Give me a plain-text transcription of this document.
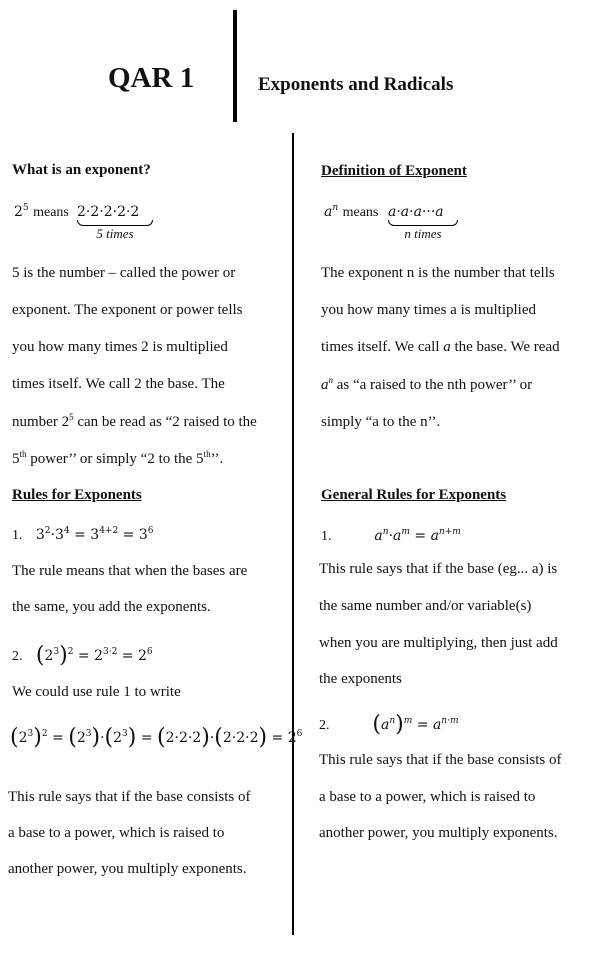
QAR 1	Exponents and Radicals
What is an exponent?
$2^5$ means 2·2·2·2·2
5 times
5 is the number – called the power or
exponent. The exponent or power tells
you how many times 2 is multiplied
times itself. We call 2 the base. The
number $2^5$ can be read as “2 raised to the
5th power’’ or simply “2 to the 5th’’.
Rules for Exponents
1. $3^2\cdot 3^4 = 3^{4+2} = 3^6$
The rule means that when the bases are
the same, you add the exponents.
2. $(2^3)^2 = 2^{3\cdot 2} = 2^6$
We could use rule 1 to write
$(2^3)^2 = (2^3)\cdot(2^3) = (2\cdot 2\cdot 2)\cdot(2\cdot 2\cdot 2) = 2^6$
This rule says that if the base consists of
a base to a power, which is raised to
another power, you multiply exponents.
Definition of Exponent
$a^n$ means a·a·a···a
n times
The exponent n is the number that tells
you how many times a is multiplied
times itself. We call a the base. We read
$a^n$ as “a raised to the nth power’’ or
simply “a to the n’’.
General Rules for Exponents
1.	$a^n\cdot a^m = a^{n+m}$
This rule says that if the base (eg... a) is
the same number and/or variable(s)
when you are multiplying, then just add
the exponents
2. $(a^n)^m = a^{n\cdot m}$
This rule says that if the base consists of
a base to a power, which is raised to
another power, you multiply exponents.
